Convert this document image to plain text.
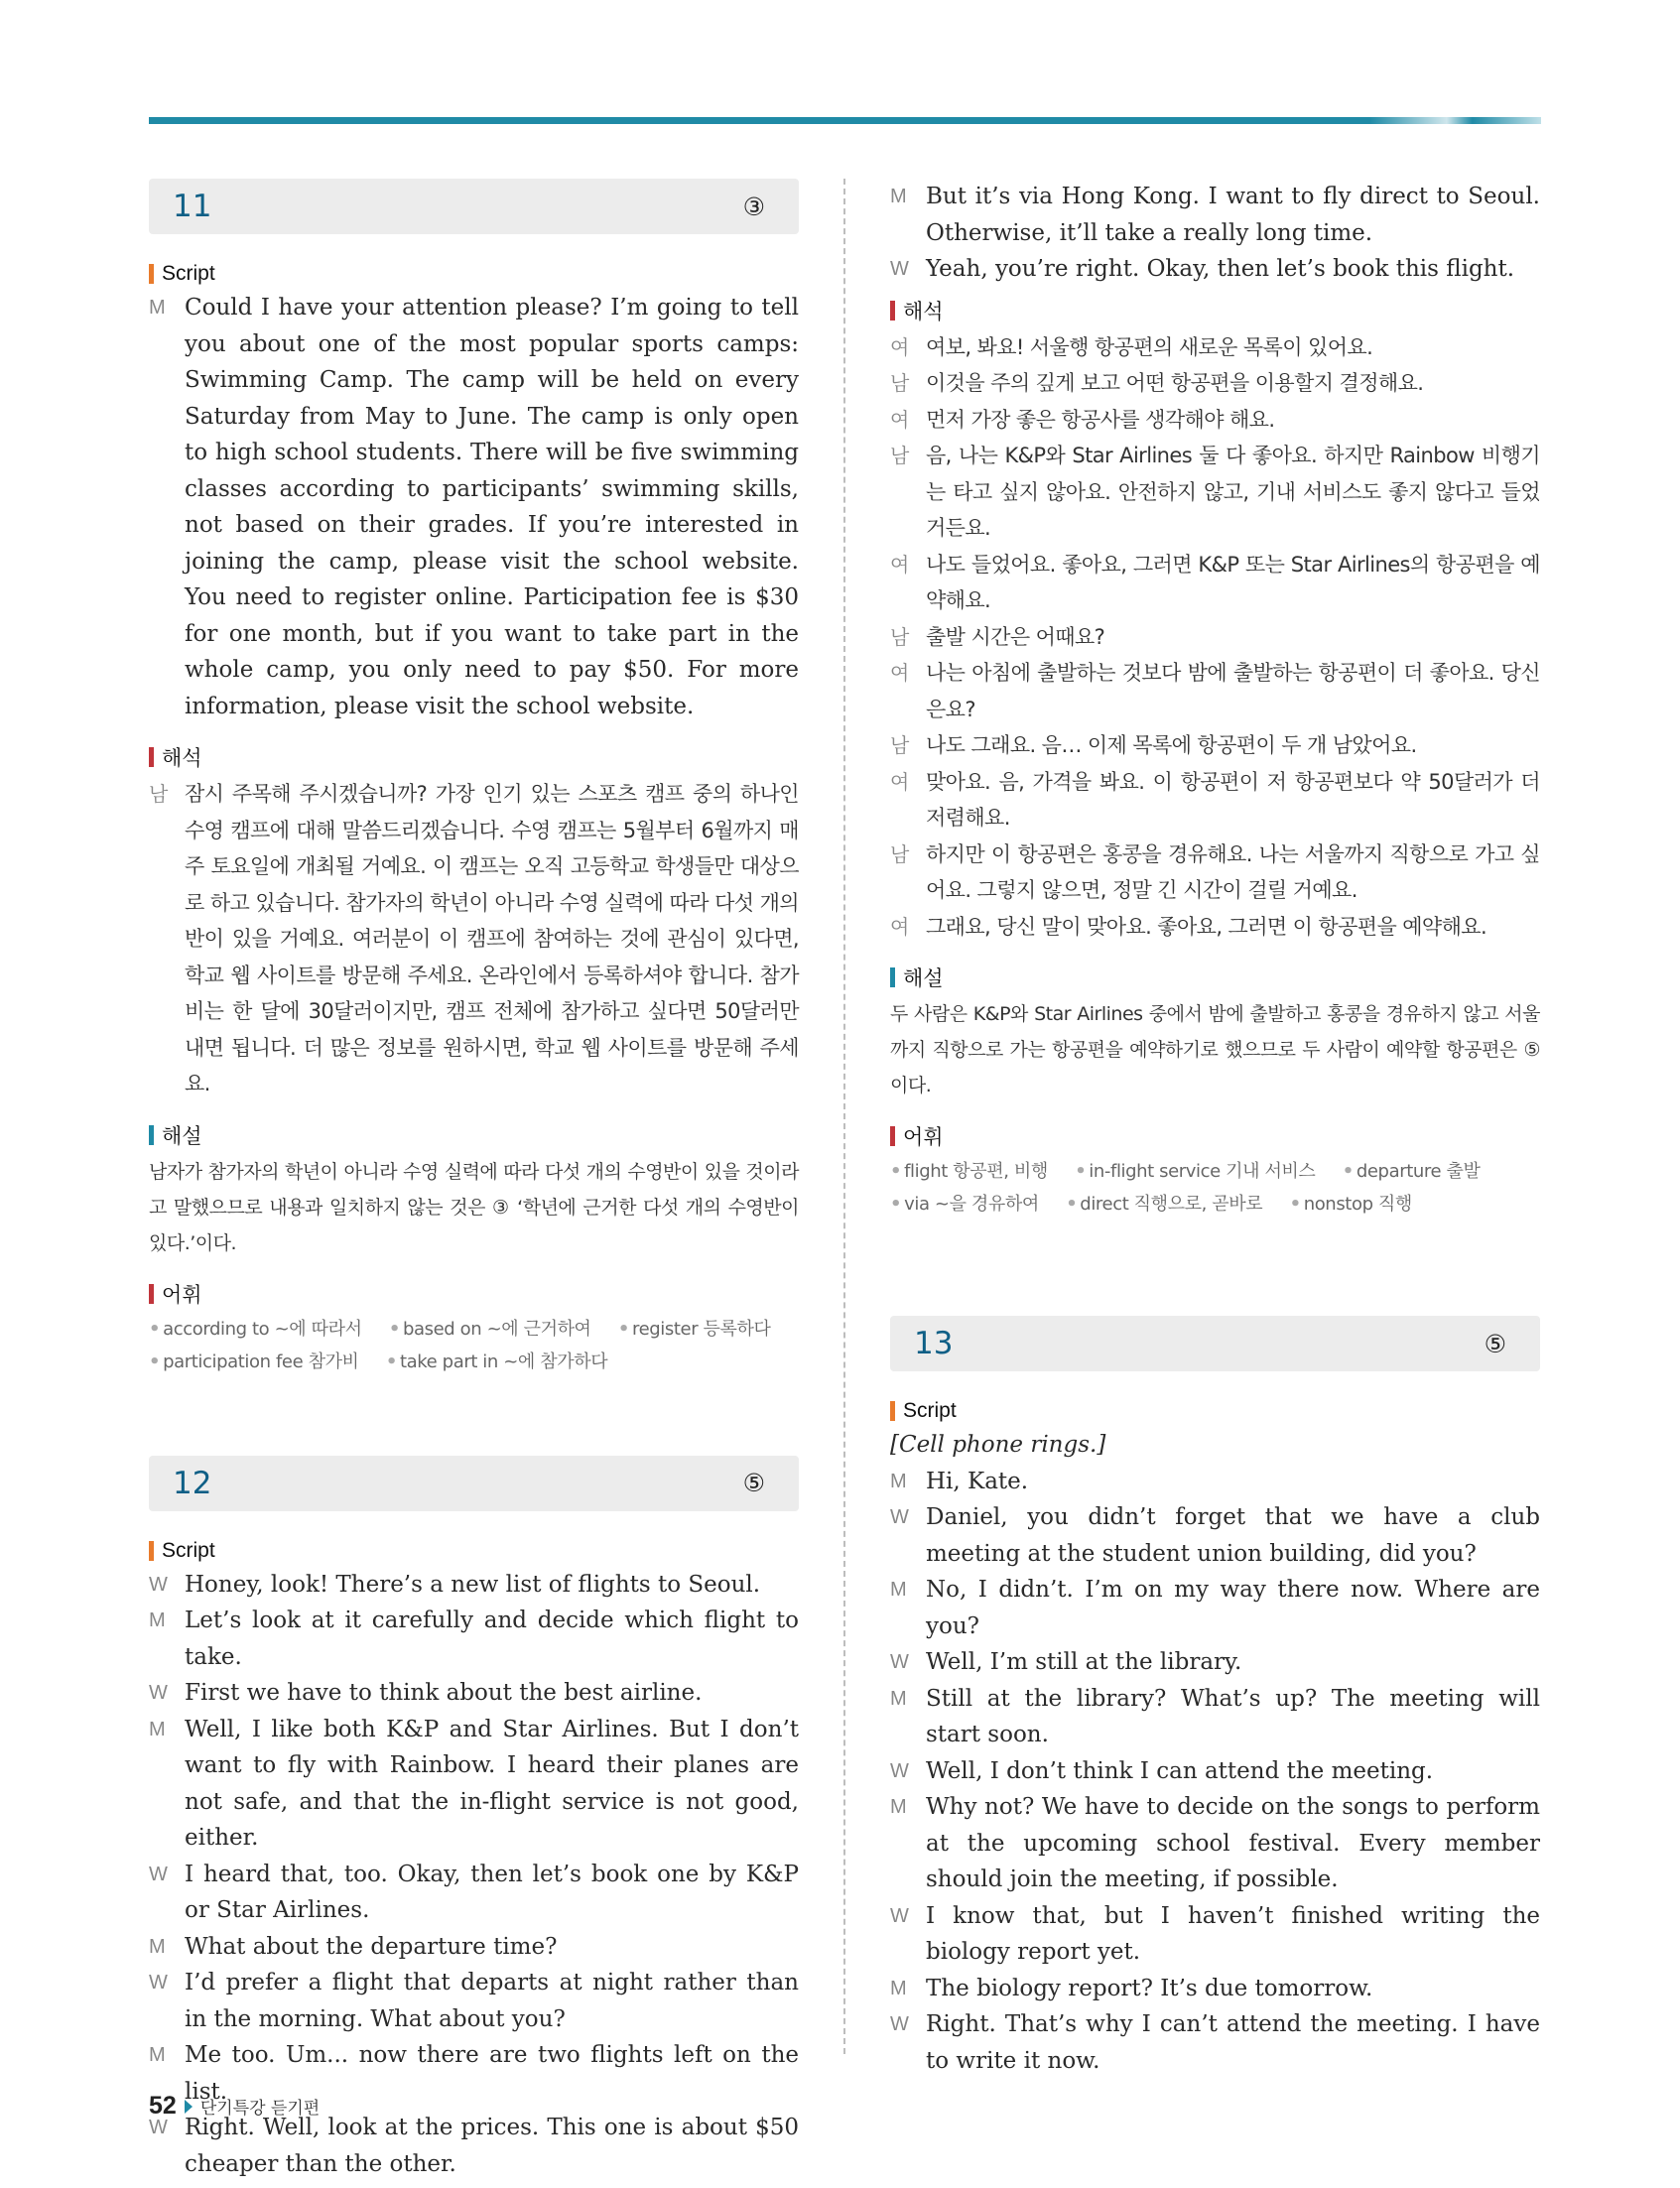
11	③
Script
M Could I have your attention please? I’m going to tell you about one of the most popular sports camps: Swimming Camp. The camp will be held on every Saturday from May to June. The camp is only open to high school students. There will be five swimming classes according to participants’ swimming skills, not based on their grades. If you’re interested in joining the camp, please visit the school website. You need to register online. Participation fee is $30 for one month, but if you want to take part in the whole camp, you only need to pay $50. For more information, please visit the school website.
해석
남 잠시 주목해 주시겠습니까? 가장 인기 있는 스포츠 캠프 중의 하나인 수영 캠프에 대해 말씀드리겠습니다. 수영 캠프는 5월부터 6월까지 매주 토요일에 개최될 거예요. 이 캠프는 오직 고등학교 학생들만 대상으로 하고 있습니다. 참가자의 학년이 아니라 수영 실력에 따라 다섯 개의 반이 있을 거예요. 여러분이 이 캠프에 참여하는 것에 관심이 있다면, 학교 웹 사이트를 방문해 주세요. 온라인에서 등록하셔야 합니다. 참가비는 한 달에 30달러이지만, 캠프 전체에 참가하고 싶다면 50달러만 내면 됩니다. 더 많은 정보를 원하시면, 학교 웹 사이트를 방문해 주세요.
해설
남자가 참가자의 학년이 아니라 수영 실력에 따라 다섯 개의 수영반이 있을 것이라고 말했으므로 내용과 일치하지 않는 것은 ③ ‘학년에 근거한 다섯 개의 수영반이 있다.’이다.
어휘
• according to ~에 따라서 • based on ~에 근거하여 • register 등록하다
• participation fee 참가비 • take part in ~에 참가하다
12	⑤
Script
W Honey, look! There’s a new list of flights to Seoul.
M Let’s look at it carefully and decide which flight to take.
W First we have to think about the best airline.
M Well, I like both K&P and Star Airlines. But I don’t want to fly with Rainbow. I heard their planes are not safe, and that the in-flight service is not good, either.
W I heard that, too. Okay, then let’s book one by K&P or Star Airlines.
M What about the departure time?
W I’d prefer a flight that departs at night rather than in the morning. What about you?
M Me too. Um... now there are two flights left on the list.
W Right. Well, look at the prices. This one is about $50 cheaper than the other.
M But it’s via Hong Kong. I want to fly direct to Seoul. Otherwise, it’ll take a really long time.
W Yeah, you’re right. Okay, then let’s book this flight.
해석
여 여보, 봐요! 서울행 항공편의 새로운 목록이 있어요.
남 이것을 주의 깊게 보고 어떤 항공편을 이용할지 결정해요.
여 먼저 가장 좋은 항공사를 생각해야 해요.
남 음, 나는 K&P와 Star Airlines 둘 다 좋아요. 하지만 Rainbow 비행기는 타고 싶지 않아요. 안전하지 않고, 기내 서비스도 좋지 않다고 들었거든요.
여 나도 들었어요. 좋아요, 그러면 K&P 또는 Star Airlines의 항공편을 예약해요.
남 출발 시간은 어때요?
여 나는 아침에 출발하는 것보다 밤에 출발하는 항공편이 더 좋아요. 당신은요?
남 나도 그래요. 음… 이제 목록에 항공편이 두 개 남았어요.
여 맞아요. 음, 가격을 봐요. 이 항공편이 저 항공편보다 약 50달러가 더 저렴해요.
남 하지만 이 항공편은 홍콩을 경유해요. 나는 서울까지 직항으로 가고 싶어요. 그렇지 않으면, 정말 긴 시간이 걸릴 거예요.
여 그래요, 당신 말이 맞아요. 좋아요, 그러면 이 항공편을 예약해요.
해설
두 사람은 K&P와 Star Airlines 중에서 밤에 출발하고 홍콩을 경유하지 않고 서울까지 직항으로 가는 항공편을 예약하기로 했으므로 두 사람이 예약할 항공편은 ⑤이다.
어휘
• flight 항공편, 비행 • in-flight service 기내 서비스 • departure 출발
• via ~을 경유하여 • direct 직행으로, 곧바로 • nonstop 직행
13	⑤
Script
[Cell phone rings.]
M Hi, Kate.
W Daniel, you didn’t forget that we have a club meeting at the student union building, did you?
M No, I didn’t. I’m on my way there now. Where are you?
W Well, I’m still at the library.
M Still at the library? What’s up? The meeting will start soon.
W Well, I don’t think I can attend the meeting.
M Why not? We have to decide on the songs to perform at the upcoming school festival. Every member should join the meeting, if possible.
W I know that, but I haven’t finished writing the biology report yet.
M The biology report? It’s due tomorrow.
W Right. That’s why I can’t attend the meeting. I have to write it now.
52 단기특강 듣기편
